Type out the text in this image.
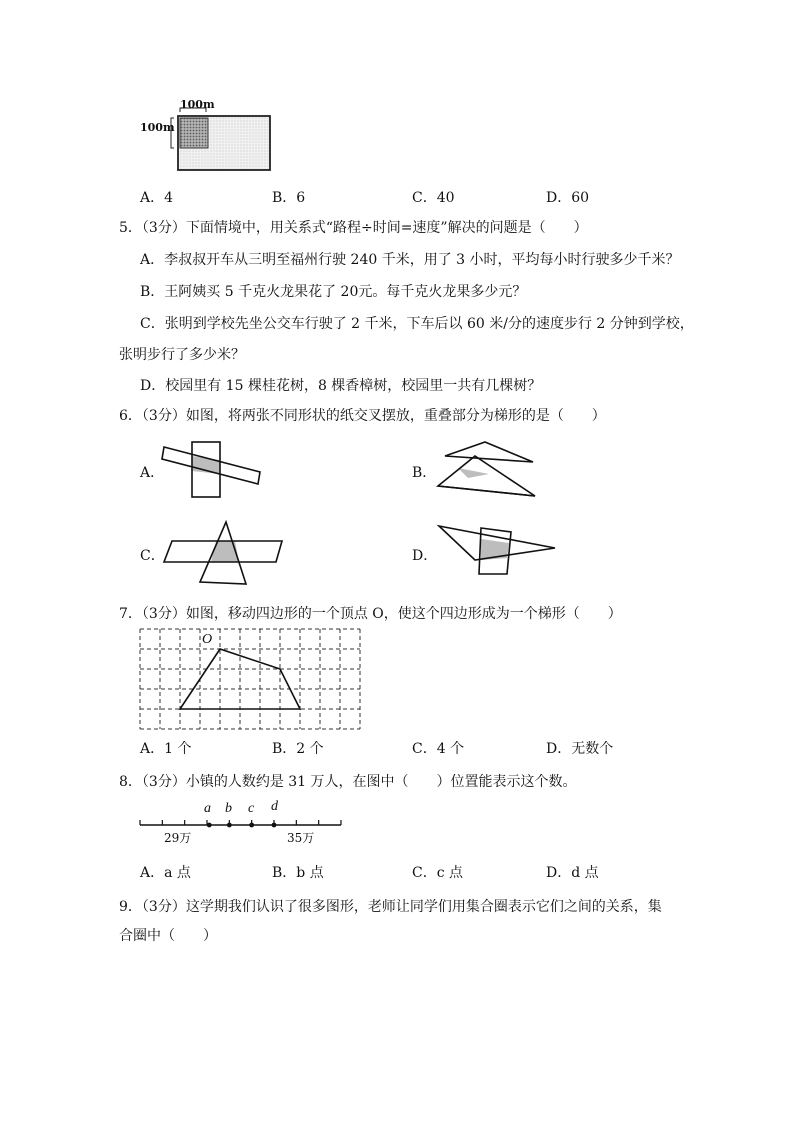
100m
100m
A．4	B．6	C．40	D．60
5．（3分）下面情境中，用关系式“路程÷时间=速度”解决的问题是（　　）
A．李叔叔开车从三明至福州行驶 240 千米，用了 3 小时，平均每小时行驶多少千米？
B．王阿姨买 5 千克火龙果花了 20元。每千克火龙果多少元？
C．张明到学校先坐公交车行驶了 2 千米，下车后以 60 米/分的速度步行 2 分钟到学校，
张明步行了多少米？
D．校园里有 15 棵桂花树，8 棵香樟树，校园里一共有几棵树？
6．（3分）如图，将两张不同形状的纸交叉摆放，重叠部分为梯形的是（　　）
A．	B．
C．	D．
7．（3分）如图，移动四边形的一个顶点 O，使这个四边形成为一个梯形（　　）
O
A．1 个	B．2 个	C．4 个	D．无数个
8．（3分）小镇的人数约是 31 万人，在图中（　　）位置能表示这个数。
a b c d
29万	35万
A．a 点	B．b 点	C．c 点	D．d 点
9．（3分）这学期我们认识了很多图形，老师让同学们用集合圈表示它们之间的关系，集
合圈中（　　）
